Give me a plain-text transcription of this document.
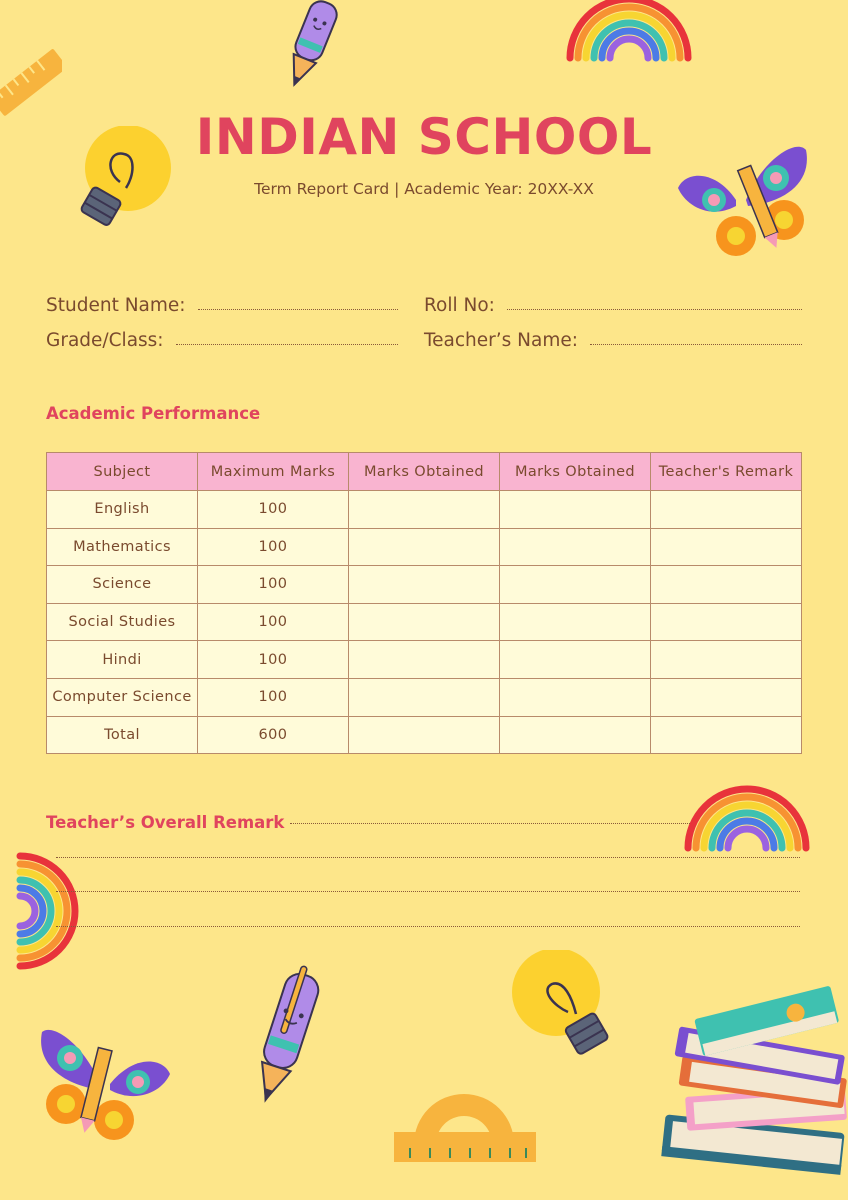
INDIAN SCHOOL
Term Report Card | Academic Year: 20XX-XX
Student Name:	Roll No:
Grade/Class:	Teacher’s Name:
Academic Performance
Subject	Maximum Marks	Marks Obtained	Marks Obtained	Teacher's Remark
English	100			
Mathematics	100			
Science	100			
Social Studies	100			
Hindi	100			
Computer Science	100			
Total	600			
Teacher’s Overall Remark
